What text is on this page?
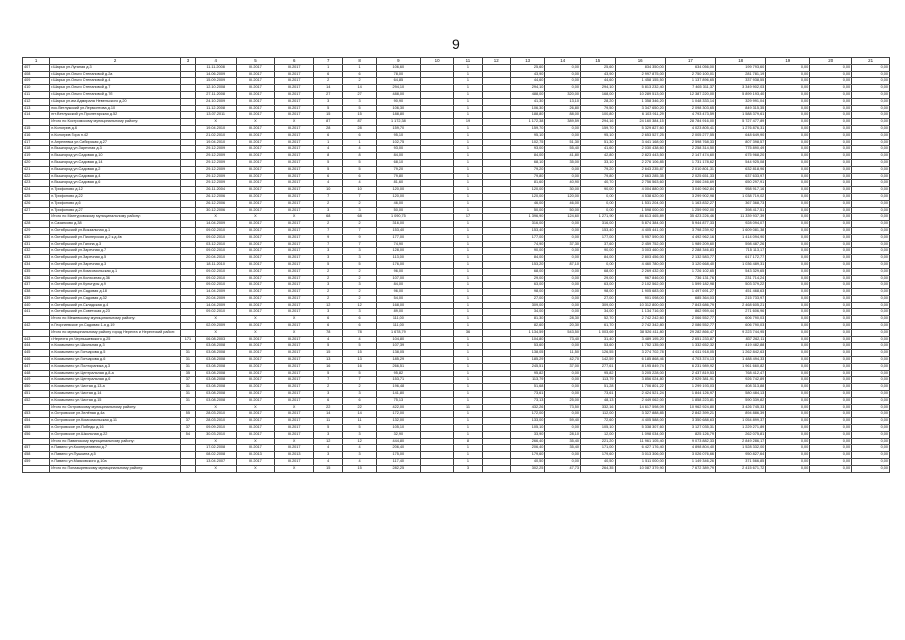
9
1	2	3	4	5	6	7	8	9	10	11	12	13	14	15	16	17	18	19	20	21
407	г.Шарья ул.Луганая д.3		11.11.2008	III.2017	III.2017	1	1	106,60		1		25,60	0,00	25,60	834 350,00	634 056,00	199 793,60	0,00	0,00	0,00
408	г.Шарья ул.Ольги Степановой д.2а		14.06.2009	III.2017	III.2017	6	6	78,00		1		43,90	0,00	43,90	2 997 875,00	2 750 100,01	281 781,19	0,00	0,00	0,00
409	г.Шарья ул.Ольги Степановой д.4		15.09.2009	III.2017	III.2017	2	2	64,85		1		44,60	0,00	44,60	1 458 155,50	1 137 896,65	337 938,55	0,00	0,00	0,00
410	г.Шарья ул.Ольги Степановой д.7		12.10.2008	III.2017	III.2017	14	14	294,10		1		294,10	0,00	294,10	5 813 232,40	7 465 311,37	3 349 902,03	0,00	0,00	0,00
411	г.Шарья ул.Ольги Степановой д.7б		27.11.2008	III.2017	III.2017	27	27	488,00		1		488,00	320,00	168,00	10 289 513,00	12 387 220,00	5 899 193,40	0,00	0,00	0,00
412	г.Шарья ул.им.Адмирала Невельского д.20		24.10.2009	III.2017	III.2017	3	3	90,90		1		41,30	13,10	28,20	1 358 346,20	1 048 333,14	329 991,04	0,00	0,00	0,00
413	пос.Ветлужский ул.Лермонтова д.10		11.12.2008	III.2017	III.2017	5	5	106,30		1		106,30	26,80	79,50	3 347 650,20	2 098 303,65	849 315,35	0,00	0,00	0,00
414	пгт.Ветлужский ул.Пролетарская д.52		13.07.2011	III.2017	III.2017	15	15	188,80		1		188,80	88,00	100,80	6 103 911,29	4 793 473,59	1 588 379,61	0,00	0,00	0,00
	Итого по Костромскому муниципальному району:		X	X	X	87	87	1 172,38		19		1 172,38	389,59	294,16	24 160 384,15	28 784 916,00	5 727 477,89	0,00	0,00	0,00
415	п.Кологрив д.6		19.04.2010	III.2017	III.2017	28	28	159,70		1		159,70	0,00	159,70	5 329 827,60	4 023 805,41	1 276 876,31	0,00	0,00	0,00
416	п.Кологрив Гора п.42		21.02.2010	III.2017	III.2017	6	6	95,10		1		95,10	0,00	95,10	2 653 527,25	2 005 277,55	648 649,90	0,00	0,00	0,00
417	п.Апрелевка ул.Сибирская д.27		19.04.2010	III.2017	III.2017	1	1	102,75		1		102,75	51,30	51,30	3 441 168,00	2 598 768,33	807 398,57	0,00	0,00	0,00
418	п.Вышгород ул.Заречная д.3		29.12.2009	III.2017	III.2017	4	4	93,00		1		93,00	55,40	41,60	2 030 438,60	2 258 314,50	775 890,49	0,00	0,00	0,00
419	п.Вышгород ул.Садовая д.10		29.12.2009	III.2017	III.2017	8	8	84,00		1		84,00	41,80	42,80	2 823 443,50	2 147 474,60	675 968,20	0,00	0,00	0,00
420	п.Вышгород ул.Садовая д.14		29.12.2009	III.2017	III.2017	5	5	68,10		1		68,10	35,00	33,10	2 276 106,85	1 731 178,62	544 925,08	0,00	0,00	0,00
421	п.Вышгород ул.Садовая д.2		29.12.2009	III.2017	III.2017	5	5	79,20		1		79,20	0,00	79,20	2 643 235,87	2 010 801,31	632 818,96	0,00	0,00	0,00
422	п.Вышгород ул.Садовая д.4		29.12.2009	III.2017	III.2017	6	6	79,80		1		79,80	0,00	79,80	2 663 285,35	2 025 651,33	637 633,97	0,00	0,00	0,00
423	п.Вышгород ул.Садовая д.6		29.12.2009	III.2017	III.2017	4	4	81,60		1		81,60	40,90	40,70	2 756 563,60	2 066 246,69	650 297,91	0,00	0,00	0,00
424	п.Трифоново д.12		26.11.2004	III.2017	III.2017	10	10	120,00		1		120,00	30,00	90,00	4 004 880,00	3 040 962,84	958 917,16	0,00	0,00	0,00
425	п.Трифоново д.22		26.12.2006	III.2017	III.2017	7	7	120,00		1		120,00	120,00	0,00	4 538 620,00	3 299 902,98	1 038 719,02	0,00	0,00	0,00
426	п.Трифоново д.6		26.12.2006	III.2017	III.2017	2	2	46,00		1		46,00	46,00	0,00	1 531 204,00	1 163 832,27	367 368,73	0,00	0,00	0,00
427	п.Трифоново д.27		30.12.2006	III.2017	III.2017	3	3	50,00		1		50,00	50,00	0,00	1 598 000,00	1 259 992,00	398 417,51	0,00	0,00	0,00
	Итого по Мантуровскому муниципальному району:		X	X	X	68	68	1 090,75		17		1 396,90	124,60	1 271,90	46 613 465,89	35 423 226,46	11 339 937,39	0,00	0,00	0,00
428	п.Сазанково д.38		14.04.2009	III.2017	III.2017	2	2	316,00		1		316,00	0,00	316,00	5 874 384,00	5 944 877,33	928 094,07	0,00	0,00	0,00
429	п.Октябрьский ул.Вокзальная д.1		09.02.2010	III.2017	III.2017	7	7	153,40		1		153,40	0,00	153,40	4 405 441,00	3 798 239,92	1 609 081,38	0,00	0,00	0,00
430	п.Октябрьский ул.Пионерская д.2 к.д.4в		09.02.2010	III.2017	III.2017	9	9	177,00		1		177,00	0,00	177,00	5 957 590,00	4 492 962,16	1 414 094,90	0,00	0,00	0,00
431	п.Октябрьский ул.Гагина д.3		03.12.2010	III.2017	III.2017	7	7	74,90		1		74,90	37,30	37,60	2 459 752,00	1 989 209,60	598 487,26	0,00	0,00	0,00
432	п.Октябрьский ул.Заречная д.7		09.02.2010	III.2017	III.2017	3	3	128,00		1		90,00	0,00	90,00	3 003 460,00	2 288 346,83	715 113,17	0,00	0,00	0,00
433	п.Октябрьский ул.Заречная д.5		20.04.2010	III.2017	III.2017	3	3	113,00		1		84,00	0,00	84,00	2 803 456,00	2 132 583,77	617 172,77	0,00	0,00	0,00
434	п.Октябрьский ул.Заречная д.3		18.11.2010	III.2017	III.2017	5	5	176,00		1		153,20	87,10	0,00	4 460 780,00	3 120 668,40	1 036 489,31	0,00	0,00	0,00
435	п.Октябрьский ул.Комсомольская д.1		09.02.2010	III.2017	III.2017	2	2	96,00		1		68,00	0,00	68,00	2 269 432,00	1 726 102,65	543 329,65	0,00	0,00	0,00
436	п.Октябрьский ул.Колхозная д.36		09.02.2010	III.2017	III.2017	2	2	107,00		1		29,00	0,00	29,00	967 846,00	736 131,76	231 714,24	0,00	0,00	0,00
437	п.Октябрьский ул.Культуры д.9		09.02.2010	III.2017	III.2017	3	3	84,00		1		63,00	0,00	63,00	2 102 562,00	1 599 182,98	503 379,22	0,00	0,00	0,00
438	п.Октябрьский ул.Садовая д.18		14.04.2009	III.2017	III.2017	2	2	96,00		1		98,00	0,00	98,00	1 905 683,00	1 497 691,27	451 468,63	0,00	0,00	0,00
439	п.Октябрьский ул.Садовая д.32		20.04.2009	III.2017	III.2017	2	2	54,00		1		27,00	0,00	27,00	901 098,00	685 364,03	215 733,97	0,00	0,00	0,00
440	п.Октябрьский ул.Складская д.4		14.04.2009	III.2017	III.2017	12	12	168,00		1		309,00	0,00	309,00	10 312 800,00	7 843 686,79	2 468 605,21	0,00	0,00	0,00
441	п.Октябрьский ул.Советская д.23		09.02.2010	III.2017	III.2017	3	3	89,00		1		34,00	0,00	34,00	1 134 716,00	862 959,44	271 606,96	0,00	0,00	0,00
	Итого по Межевскому муниципальному району:		X	X	X	6	6	111,00		1		81,30	28,30	52,70	2 742 242,60	2 066 552,77	606 790,03	0,00	0,00	0,00
442	п.Георгиевское ул.Садовая 1-я д.19		02.09.2009	III.2017	III.2017	6	6	111,00		1		82,60	20,30	61,70	2 742 342,80	2 086 552,77	606 790,03	0,00	0,00	0,00
	Итого по муниципальному району город Нерехта и Нерехтский район:		X	X	X	78	78	1 678,79		36		1 134,59	543,50	1 003,69	38 526 411,80	29 282 866,47	9 223 744,95	0,00	0,00	0,00
443	г.Нерехта ул.Чернышевского д.25	171	06.08.2003	III.2017	III.2017	4	4	104,80		1		104,80	73,40	31,40	3 489 195,20	2 651 233,87	837 262,11	0,00	0,00	0,00
444	п.Космынино ул.Школьная д.3		03.08.2008	III.2017	III.2017	5	5	107,39		1		53,60	0,00	53,60	1 752 135,00	1 332 652,32	419 482,88	0,00	0,00	0,00
445	п.Космынино ул.Гончарова д.5	31	03.08.2008	III.2017	III.2017	15	15	138,05		1		138,05	11,50	126,55	3 274 702,78	4 611 918,05	1 262 842,63	0,00	0,00	0,00
446	п.Космынино ул.Гончарова д.6	31	03.08.2008	III.2017	III.2017	13	13	185,29		1		185,29	42,70	142,59	6 185 868,46	4 703 374,13	1 488 494,33	0,00	0,00	0,00
447	п.Космынино ул.Полтораника д.3	31	03.08.2008	III.2017	III.2017	16	16	266,51		1		245,51	37,00	277,61	8 195 849,74	6 231 989,92	1 961 660,82	0,00	0,00	0,00
448	п.Космынино ул.Центральная д.8-а	35	03.08.2008	III.2017	III.2017	5	5	95,82		1		95,82	0,00	95,82	3 205 228,00	2 437 819,53	768 412,47	0,00	0,00	0,00
449	п.Космынино ул.Центральная д.6	37	03.08.2008	III.2017	III.2017	7	7	153,71		1		113,79	0,00	113,79	3 856 024,80	2 929 381,91	926 742,89	0,00	0,00	0,00
450	п.Космынино ул.Чистая д.13-а	31	03.08.2008	III.2017	III.2017	2	2	196,48		1		51,68	0,00	51,28	1 706 801,22	1 299 193,03	408 313,88	0,00	0,00	0,00
451	п.Космынино ул.Чистая д.14	31	03.08.2008	III.2017	III.2017	3	3	141,80		1		73,61	0,00	73,61	2 424 521,24	1 844 126,97	580 484,13	0,00	0,00	0,00
452	п.Космынино ул.Чистая д.15	31	03.08.2008	III.2017	III.2017	6	6	75,13		1		73,13	25,00	48,13	2 449 062,00	1 858 223,81	590 339,82	0,00	0,00	0,00
	Итого по Островскому муниципальному району:		X	X	X	22	22	422,00		11		432,26	73,50	332,16	14 617 598,09	10 962 924,80	3 426 745,33	0,00	0,00	0,00
453	п.Островское ул.Зелёная д.4а	55	28.03.2010	III.2017	III.2017	14	14	172,00		1		172,00	0,00	112,00	3 327 888,85	2 842 399,21	894 886,39	0,00	0,00	0,00
454	п.Островское ул.Комсомольская д.11	37	28.03.2010	III.2017	III.2017	11	11	132,00		1		133,00	59,40	72,60	4 405 588,00	3 350 688,63	1 054 899,37	0,00	0,00	0,00
455	п.Островское ул.Победы д.16	37	09.09.2010	III.2017	III.2017	5	5	105,10		1		105,10	0,00	105,10	5 338 307,60	3 127 035,31	1 229 271,89	0,00	0,00	0,00
456	п.Островское ул.Школьная д.22	54	30.03.2010	III.2017	III.2017	3	3	32,90		1		33,90	28,10	12,00	1 098 034,00	825 126,79	262 075,81	0,00	0,00	0,00
	Итого по Павинскому муниципальному району:		X	X	X	12	12	444,80		8		266,40	35,40	221,20	11 961 105,40	9 073 882,33	2 849 286,17	0,00	0,00	0,00
457	п.Павино ул.Кооперативная д.7		17.02.2008	III.2017	III.2017	4	4	206,40		1		206,40	35,40	171,00	6 427 176,40	4 898 804,40	1 528 332,00	0,00	0,00	0,00
458	п.Павино ул.Пушкина д.5		08.02.2008	III.2013	III.2013	3	3	175,00		1		179,60	0,00	179,60	3 013 306,00	3 026 076,66	950 827,64	0,00	0,00	0,00
459	п.Павино ул.Маяковского д.10а		13.04.2007	III.2017	III.2017	4	4	117,40		1		40,50	0,00	40,50	1 511 000,00	1 149 346,26	371 566,85	0,00	0,00	0,00
	Итого по Поназыревскому муниципальному району:		X	X	X	15	15	282,25		3		302,25	47,73	264,35	10 087 379,90	7 672 389,79	2 415 671,72	0,00	0,00	0,00
